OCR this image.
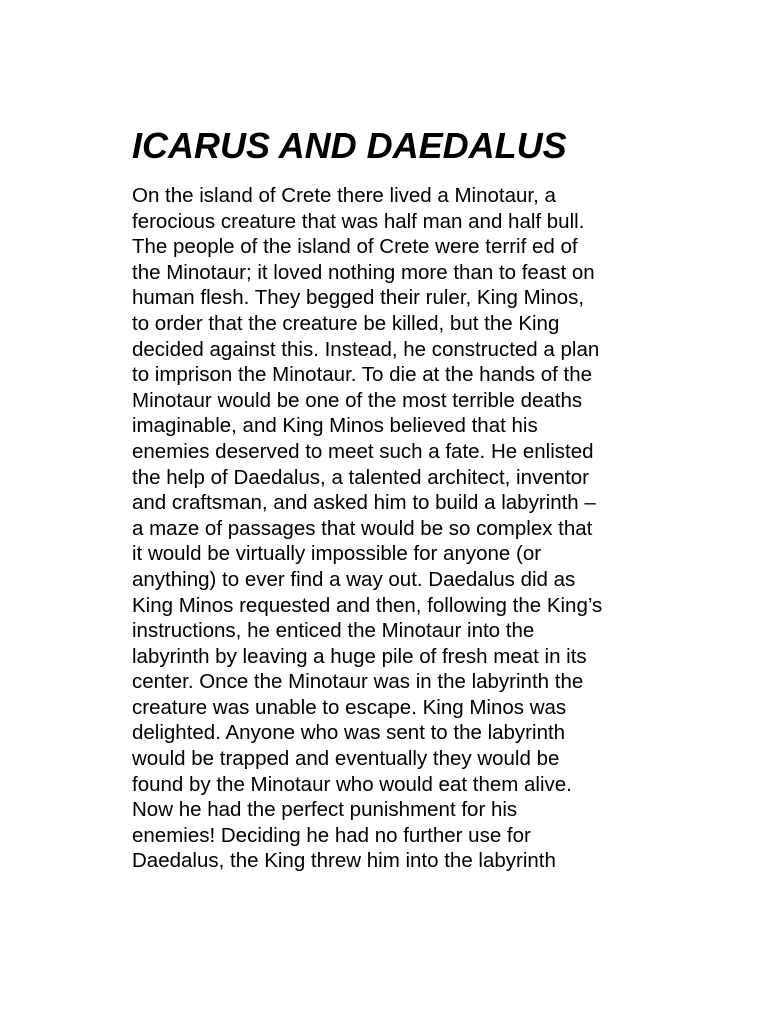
ICARUS AND DAEDALUS
On the island of Crete there lived a Minotaur, a
ferocious creature that was half man and half bull.
The people of the island of Crete were terrif ed of
the Minotaur; it loved nothing more than to feast on
human flesh. They begged their ruler, King Minos,
to order that the creature be killed, but the King
decided against this. Instead, he constructed a plan
to imprison the Minotaur. To die at the hands of the
Minotaur would be one of the most terrible deaths
imaginable, and King Minos believed that his
enemies deserved to meet such a fate. He enlisted
the help of Daedalus, a talented architect, inventor
and craftsman, and asked him to build a labyrinth –
a maze of passages that would be so complex that
it would be virtually impossible for anyone (or
anything) to ever find a way out. Daedalus did as
King Minos requested and then, following the King’s
instructions, he enticed the Minotaur into the
labyrinth by leaving a huge pile of fresh meat in its
center. Once the Minotaur was in the labyrinth the
creature was unable to escape. King Minos was
delighted. Anyone who was sent to the labyrinth
would be trapped and eventually they would be
found by the Minotaur who would eat them alive.
Now he had the perfect punishment for his
enemies! Deciding he had no further use for
Daedalus, the King threw him into the labyrinth
